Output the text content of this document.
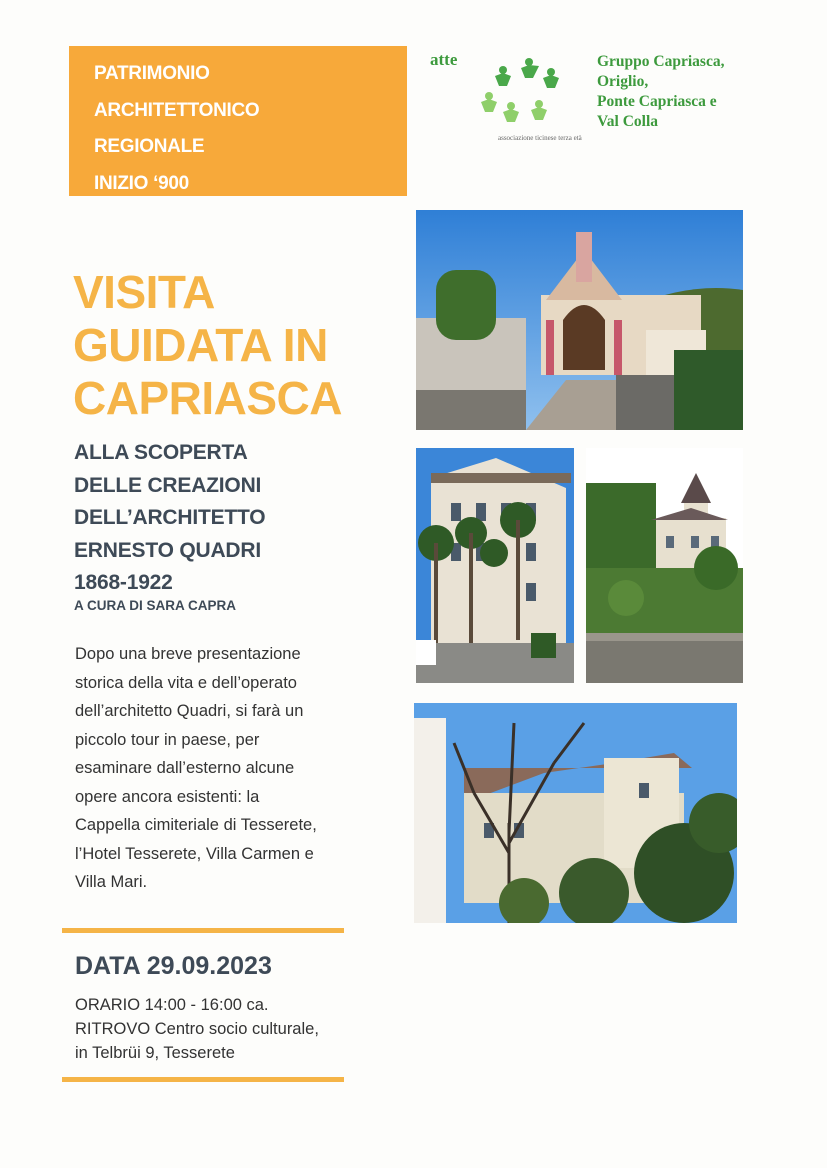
PATRIMONIO
ARCHITETTONICO
REGIONALE
INIZIO ‘900
atte
associazione ticinese terza età
Gruppo Capriasca,
Origlio,
Ponte Capriasca e
Val Colla
VISITA
GUIDATA IN
CAPRIASCA
ALLA SCOPERTA
DELLE CREAZIONI
DELL’ARCHITETTO
ERNESTO QUADRI
1868-1922
A CURA DI SARA CAPRA
Dopo una breve presentazione
storica della vita e dell’operato
dell’architetto Quadri, si farà un
piccolo tour in paese, per
esaminare dall’esterno alcune
opere ancora esistenti: la
Cappella cimiteriale di Tesserete,
l’Hotel Tesserete, Villa Carmen e
Villa Mari.
DATA 29.09.2023
ORARIO 14:00 - 16:00 ca.
RITROVO Centro socio culturale,
in Telbrüi 9, Tesserete
